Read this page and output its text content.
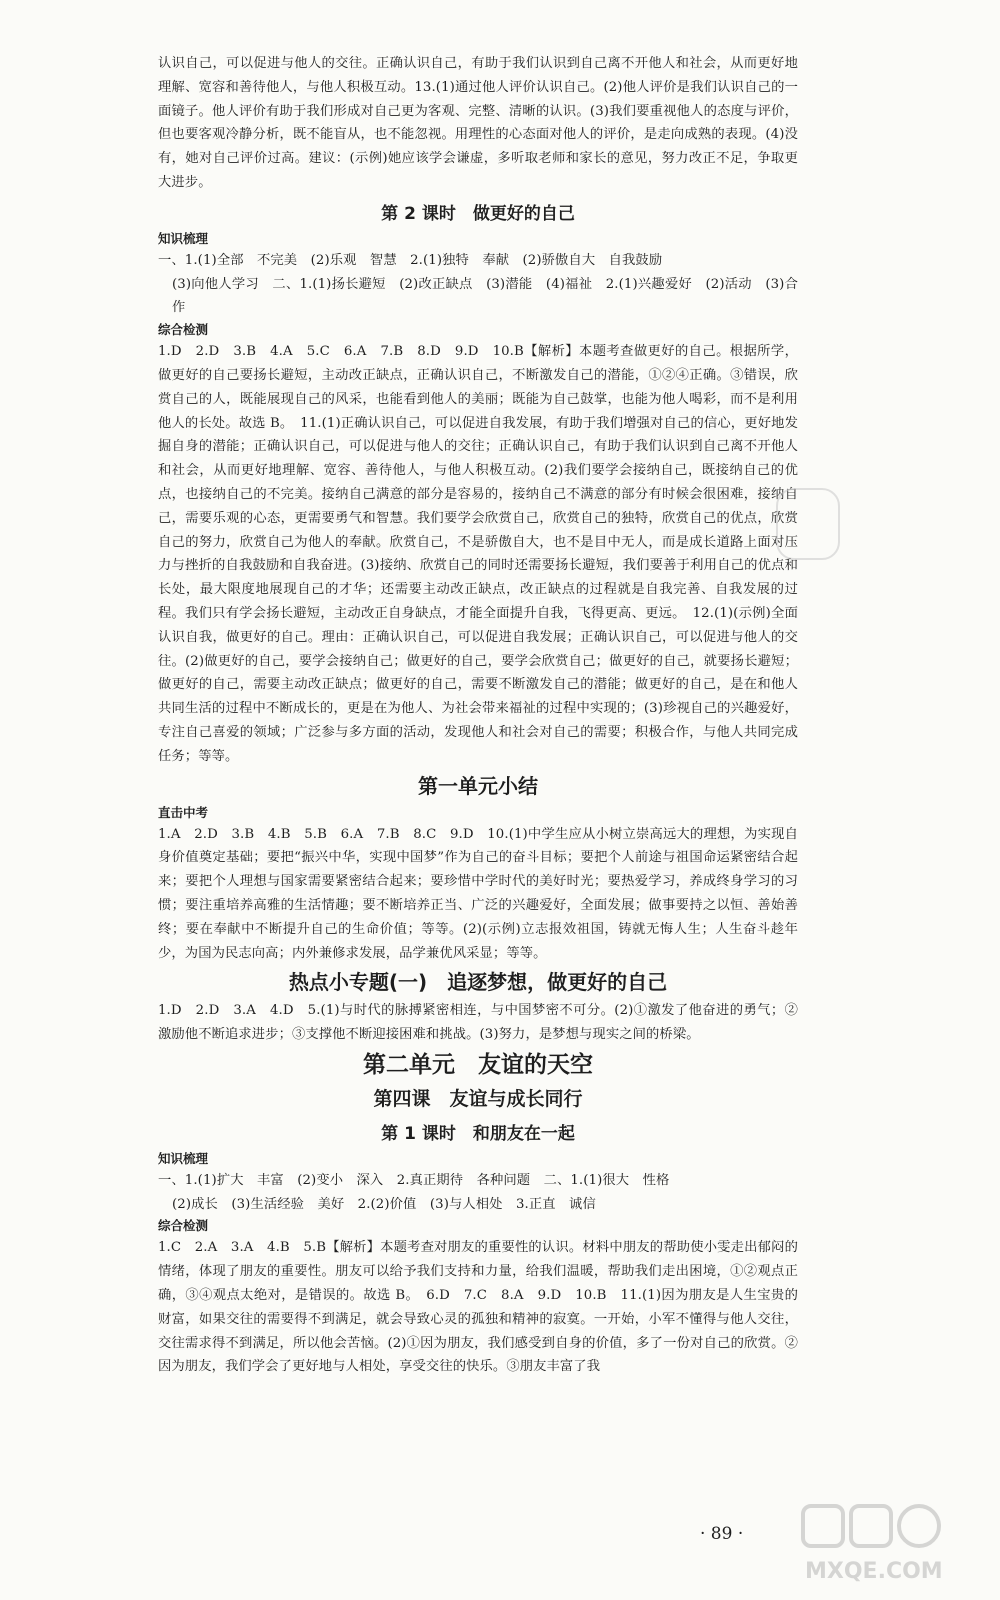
认识自己，可以促进与他人的交往。正确认识自己，有助于我们认识到自己离不开他人和社会，从而更好地理解、宽容和善待他人，与他人积极互动。13.(1)通过他人评价认识自己。(2)他人评价是我们认识自己的一面镜子。他人评价有助于我们形成对自己更为客观、完整、清晰的认识。(3)我们要重视他人的态度与评价，但也要客观冷静分析，既不能盲从，也不能忽视。用理性的心态面对他人的评价，是走向成熟的表现。(4)没有，她对自己评价过高。建议：(示例)她应该学会谦虚，多听取老师和家长的意见，努力改正不足，争取更大进步。

第 2 课时　做更好的自己

知识梳理

一、1.(1)全部　不完美　(2)乐观　智慧　2.(1)独特　奉献　(2)骄傲自大　自我鼓励

(3)向他人学习　二、1.(1)扬长避短　(2)改正缺点　(3)潜能　(4)福祉　2.(1)兴趣爱好　(2)活动　(3)合作

综合检测

1.D　2.D　3.B　4.A　5.C　6.A　7.B　8.D　9.D　10.B【解析】本题考查做更好的自己。根据所学，做更好的自己要扬长避短，主动改正缺点，正确认识自己，不断激发自己的潜能，①②④正确。③错误，欣赏自己的人，既能展现自己的风采，也能看到他人的美丽；既能为自己鼓掌，也能为他人喝彩，而不是利用他人的长处。故选 B。　11.(1)正确认识自己，可以促进自我发展，有助于我们增强对自己的信心，更好地发掘自身的潜能；正确认识自己，可以促进与他人的交往；正确认识自己，有助于我们认识到自己离不开他人和社会，从而更好地理解、宽容、善待他人，与他人积极互动。(2)我们要学会接纳自己，既接纳自己的优点，也接纳自己的不完美。接纳自己满意的部分是容易的，接纳自己不满意的部分有时候会很困难，接纳自己，需要乐观的心态，更需要勇气和智慧。我们要学会欣赏自己，欣赏自己的独特，欣赏自己的优点，欣赏自己的努力，欣赏自己为他人的奉献。欣赏自己，不是骄傲自大，也不是目中无人，而是成长道路上面对压力与挫折的自我鼓励和自我奋进。(3)接纳、欣赏自己的同时还需要扬长避短，我们要善于利用自己的优点和长处，最大限度地展现自己的才华；还需要主动改正缺点，改正缺点的过程就是自我完善、自我发展的过程。我们只有学会扬长避短，主动改正自身缺点，才能全面提升自我，飞得更高、更远。　12.(1)(示例)全面认识自我，做更好的自己。理由：正确认识自己，可以促进自我发展；正确认识自己，可以促进与他人的交往。(2)做更好的自己，要学会接纳自己；做更好的自己，要学会欣赏自己；做更好的自己，就要扬长避短；做更好的自己，需要主动改正缺点；做更好的自己，需要不断激发自己的潜能；做更好的自己，是在和他人共同生活的过程中不断成长的，更是在为他人、为社会带来福祉的过程中实现的；(3)珍视自己的兴趣爱好，专注自己喜爱的领域；广泛参与多方面的活动，发现他人和社会对自己的需要；积极合作，与他人共同完成任务；等等。

第一单元小结

直击中考

1.A　2.D　3.B　4.B　5.B　6.A　7.B　8.C　9.D　10.(1)中学生应从小树立崇高远大的理想，为实现自身价值奠定基础；要把“振兴中华，实现中国梦”作为自己的奋斗目标；要把个人前途与祖国命运紧密结合起来；要把个人理想与国家需要紧密结合起来；要珍惜中学时代的美好时光；要热爱学习，养成终身学习的习惯；要注重培养高雅的生活情趣；要不断培养正当、广泛的兴趣爱好，全面发展；做事要持之以恒、善始善终；要在奉献中不断提升自己的生命价值；等等。(2)(示例)立志报效祖国，铸就无悔人生；人生奋斗趁年少，为国为民志向高；内外兼修求发展，品学兼优风采显；等等。

热点小专题(一)　追逐梦想，做更好的自己

1.D　2.D　3.A　4.D　5.(1)与时代的脉搏紧密相连，与中国梦密不可分。(2)①激发了他奋进的勇气；②激励他不断追求进步；③支撑他不断迎接困难和挑战。(3)努力，是梦想与现实之间的桥梁。

第二单元　友谊的天空

第四课　友谊与成长同行

第 1 课时　和朋友在一起

知识梳理

一、1.(1)扩大　丰富　(2)变小　深入　2.真正期待　各种问题　二、1.(1)很大　性格

(2)成长　(3)生活经验　美好　2.(2)价值　(3)与人相处　3.正直　诚信

综合检测

1.C　2.A　3.A　4.B　5.B【解析】本题考查对朋友的重要性的认识。材料中朋友的帮助使小雯走出郁闷的情绪，体现了朋友的重要性。朋友可以给予我们支持和力量，给我们温暖，帮助我们走出困境，①②观点正确，③④观点太绝对，是错误的。故选 B。　6.D　7.C　8.A　9.D　10.B　11.(1)因为朋友是人生宝贵的财富，如果交往的需要得不到满足，就会导致心灵的孤独和精神的寂寞。一开始，小军不懂得与他人交往，交往需求得不到满足，所以他会苦恼。(2)①因为朋友，我们感受到自身的价值，多了一份对自己的欣赏。②因为朋友，我们学会了更好地与人相处，享受交往的快乐。③朋友丰富了我

· 89 ·
MXQE.COM
